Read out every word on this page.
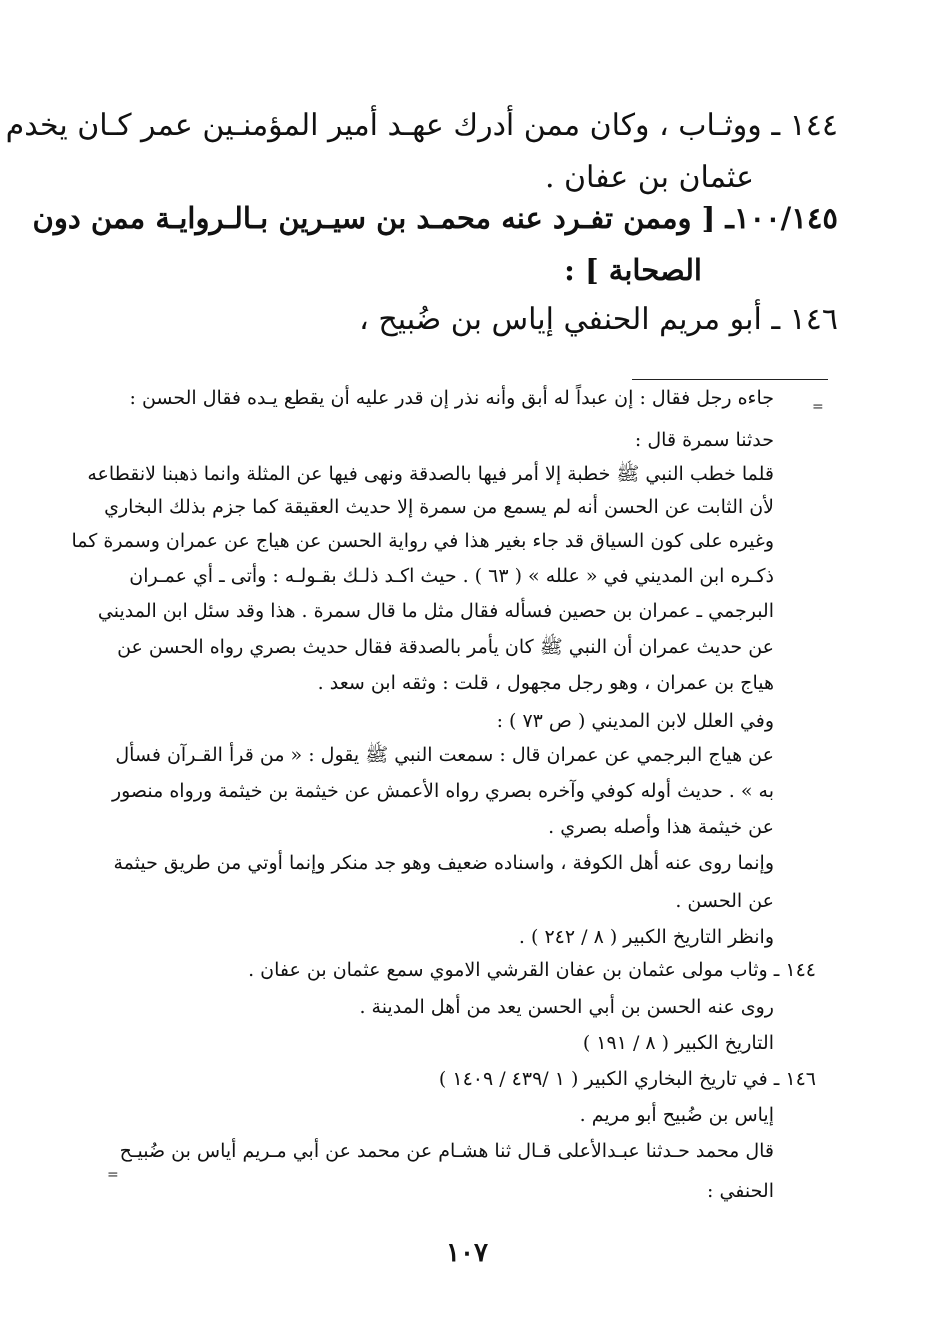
١٤٤ ـ ووثـاب ، وكان ممن أدرك عهـد أمير المؤمنـين عمر كـان يخدم
عثمان بن عفان .
١٠٠/١٤٥ـ [ وممن تفـرد عنه محمـد بن سيـرين بـالـروايـة ممن دون
الصحابة ] :
١٤٦ ـ أبو مريم الحنفي إياس بن ضُبيح ،
=
جاءه رجل فقال : إن عبداً له أبق وأنه نذر إن قدر عليه أن يقطع يـده فقال الحسن :
حدثنا سمرة قال :
قلما خطب النبي ﷺ خطبة إلا أمر فيها بالصدقة ونهى فيها عن المثلة وانما ذهبنا لانقطاعه
لأن الثابت عن الحسن أنه لم يسمع من سمرة إلا حديث العقيقة كما جزم بذلك البخاري
وغيره على كون السياق قد جاء بغير هذا في رواية الحسن عن هياج عن عمران وسمرة كما
ذكـره ابن المديني في « علله » ( ٦٣ ) . حيث اكـد ذلـك بقـولـه : وأتى ـ أي عمـران
البرجمي ـ عمران بن حصين فسأله فقال مثل ما قال سمرة . هذا وقد سئل ابن المديني
عن حديث عمران أن النبي ﷺ كان يأمر بالصدقة فقال حديث بصري رواه الحسن عن
هياج بن عمران ، وهو رجل مجهول ، قلت : وثقه ابن سعد .
وفي العلل لابن المديني ( ص ٧٣ ) :
عن هياج البرجمي عن عمران قال : سمعت النبي ﷺ يقول : « من قرأ القـرآن فسأل
به » . حديث أوله كوفي وآخره بصري رواه الأعمش عن خيثمة بن خيثمة ورواه منصور
عن خيثمة هذا وأصله بصري .
وإنما روى عنه أهل الكوفة ، واسناده ضعيف وهو جد منكر وإنما أوتي من طريق حيثمة
عن الحسن .
وانظر التاريخ الكبير ( ٨ / ٢٤٢ ) .
١٤٤ ـ وثاب مولى عثمان بن عفان القرشي الاموي سمع عثمان بن عفان .
روى عنه الحسن بن أبي الحسن يعد من أهل المدينة .
التاريخ الكبير ( ٨ / ١٩١ )
١٤٦ ـ في تاريخ البخاري الكبير ( ١ /٤٣٩ / ١٤٠٩ )
إياس بن ضُبيح أبو مريم .
قال محمد حـدثنا عبـدالأعلى قـال ثنا هشـام عن محمد عن أبي مـريم أياس بن ضُبيـح
الحنفي :
=
١٠٧
